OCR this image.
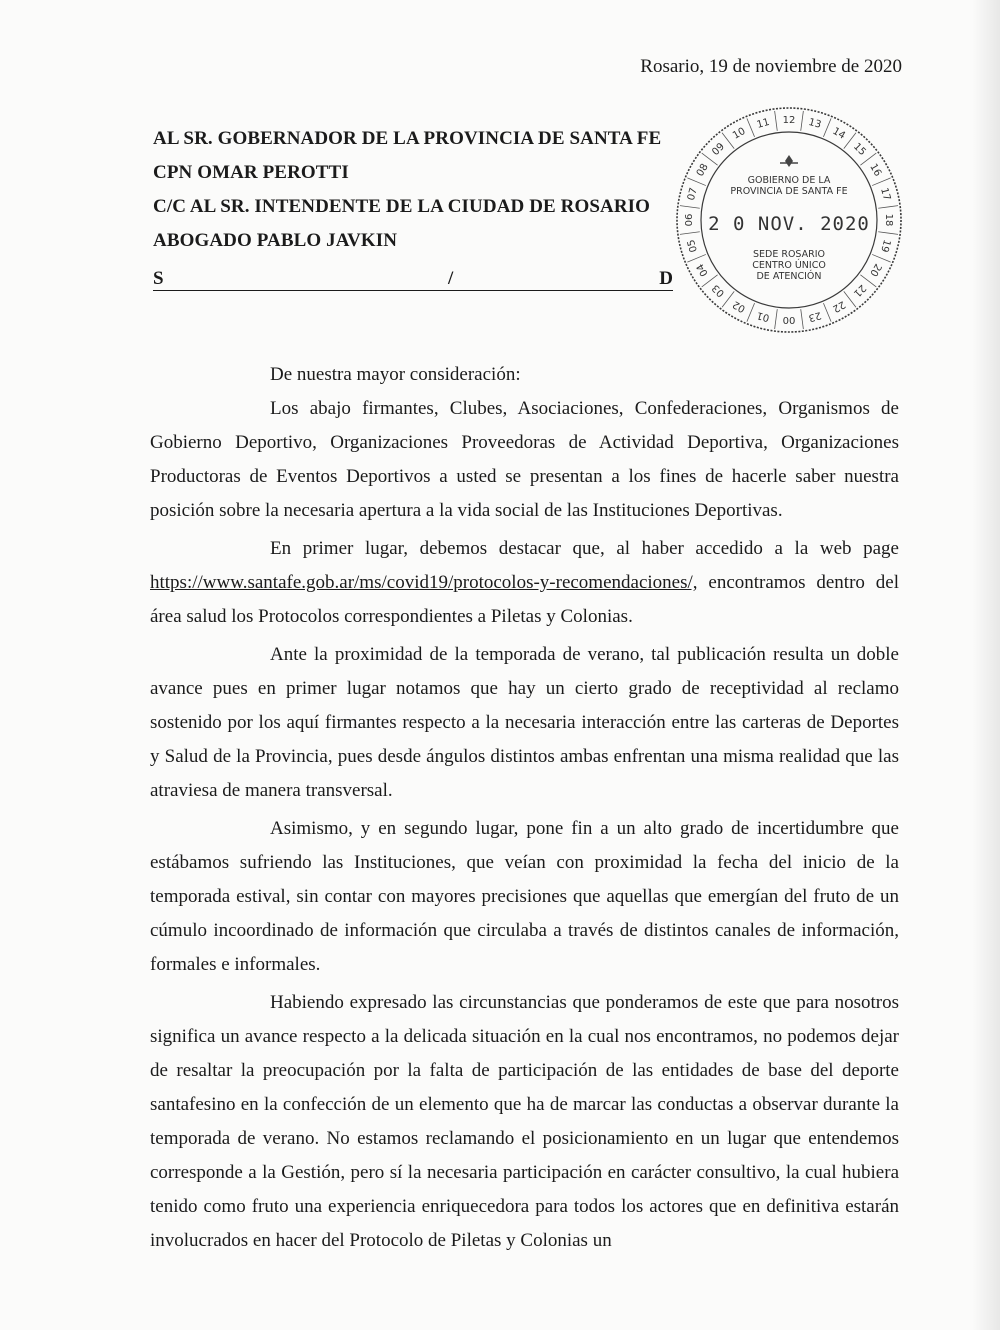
Rosario, 19 de noviembre de 2020
AL SR. GOBERNADOR DE LA PROVINCIA DE SANTA FE
CPN OMAR PEROTTI
C/C AL SR. INTENDENTE DE LA CIUDAD DE ROSARIO
ABOGADO PABLO JAVKIN
S	/	D
00
01
02
03
04
05
06
07
08
09
10
11 12 13
14
15
16
17
18
19
20
21
22
23
GOBIERNO DE LA
PROVINCIA DE SANTA FE
2 0 NOV. 2020
SEDE ROSARIO
CENTRO ÚNICO
DE ATENCIÓN

De nuestra mayor consideración:

Los abajo firmantes, Clubes, Asociaciones, Confederaciones, Organismos de Gobierno Deportivo, Organizaciones Proveedoras de Actividad Deportiva, Organizaciones Productoras de Eventos Deportivos a usted se presentan a los fines de hacerle saber nuestra posición sobre la necesaria apertura a la vida social de las Instituciones Deportivas.

En primer lugar, debemos destacar que, al haber accedido a la web page https://www.santafe.gob.ar/ms/covid19/protocolos-y-recomendaciones/, encontramos dentro del área salud los Protocolos correspondientes a Piletas y Colonias.

Ante la proximidad de la temporada de verano, tal publicación resulta un doble avance pues en primer lugar notamos que hay un cierto grado de receptividad al reclamo sostenido por los aquí firmantes respecto a la necesaria interacción entre las carteras de Deportes y Salud de la Provincia, pues desde ángulos distintos ambas enfrentan una misma realidad que las atraviesa de manera transversal.

Asimismo, y en segundo lugar, pone fin a un alto grado de incertidumbre que estábamos sufriendo las Instituciones, que veían con proximidad la fecha del inicio de la temporada estival, sin contar con mayores precisiones que aquellas que emergían del fruto de un cúmulo incoordinado de información que circulaba a través de distintos canales de información, formales e informales.

Habiendo expresado las circunstancias que ponderamos de este que para nosotros significa un avance respecto a la delicada situación en la cual nos encontramos, no podemos dejar de resaltar la preocupación por la falta de participación de las entidades de base del deporte santafesino en la confección de un elemento que ha de marcar las conductas a observar durante la temporada de verano. No estamos reclamando el posicionamiento en un lugar que entendemos corresponde a la Gestión, pero sí la necesaria participación en carácter consultivo, la cual hubiera tenido como fruto una experiencia enriquecedora para todos los actores que en definitiva estarán involucrados en hacer del Protocolo de Piletas y Colonias un
